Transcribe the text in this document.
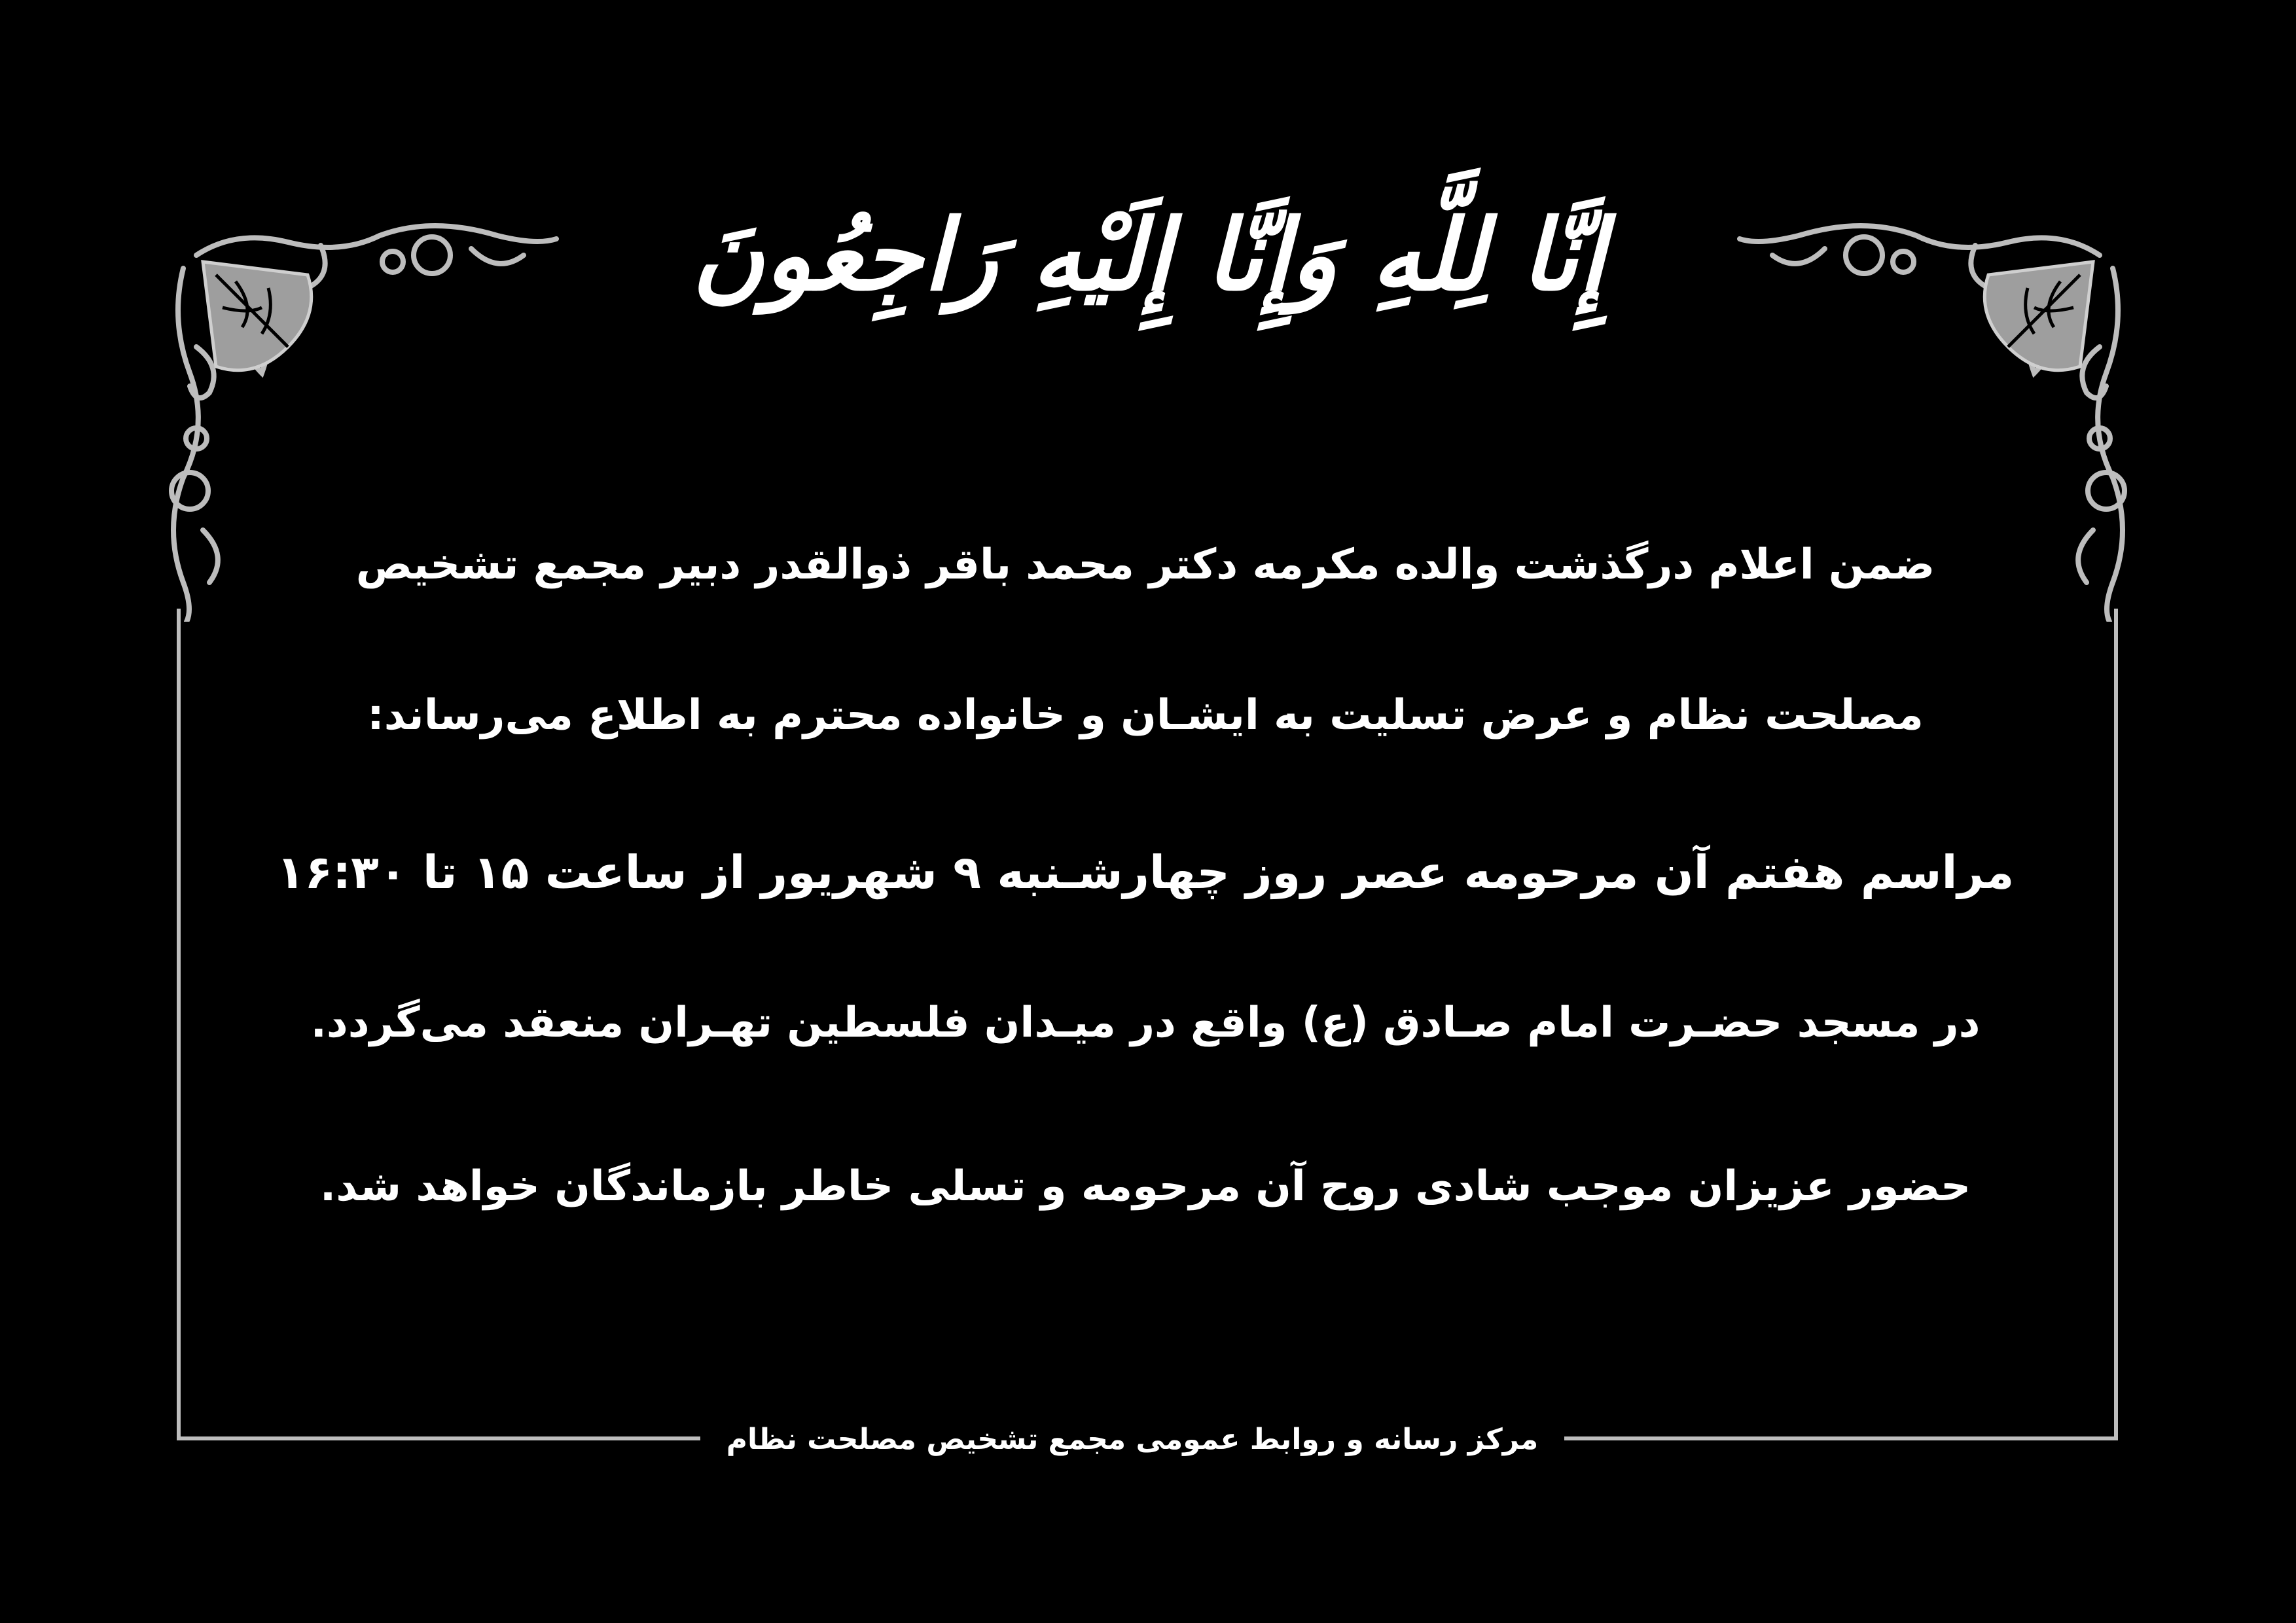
إِنَّا لِلَّهِ وَإِنَّا إِلَيْهِ رَاجِعُونَ
ضمن اعلام درگذشت والده مکرمه دکتر محمد باقر ذوالقدر دبیر مجمع تشخیص
مصلحت نظام و عرض تسلیت به ایشـان و خانواده محترم به اطلاع می‌رساند:
مراسم هفتم آن مرحومه عصر روز چهارشـنبه ۹ شهریور از ساعت ۱۵ تا ۱۶:۳۰
در مسجد حضـرت امام صـادق (ع) واقع در میـدان فلسطین تهـران منعقد می‌گردد.
حضور عزیزان موجب شادی روح آن مرحومه و تسلی خاطر بازماندگان خواهد شد.
مرکز رسانه و روابط عمومی مجمع تشخیص مصلحت نظام
